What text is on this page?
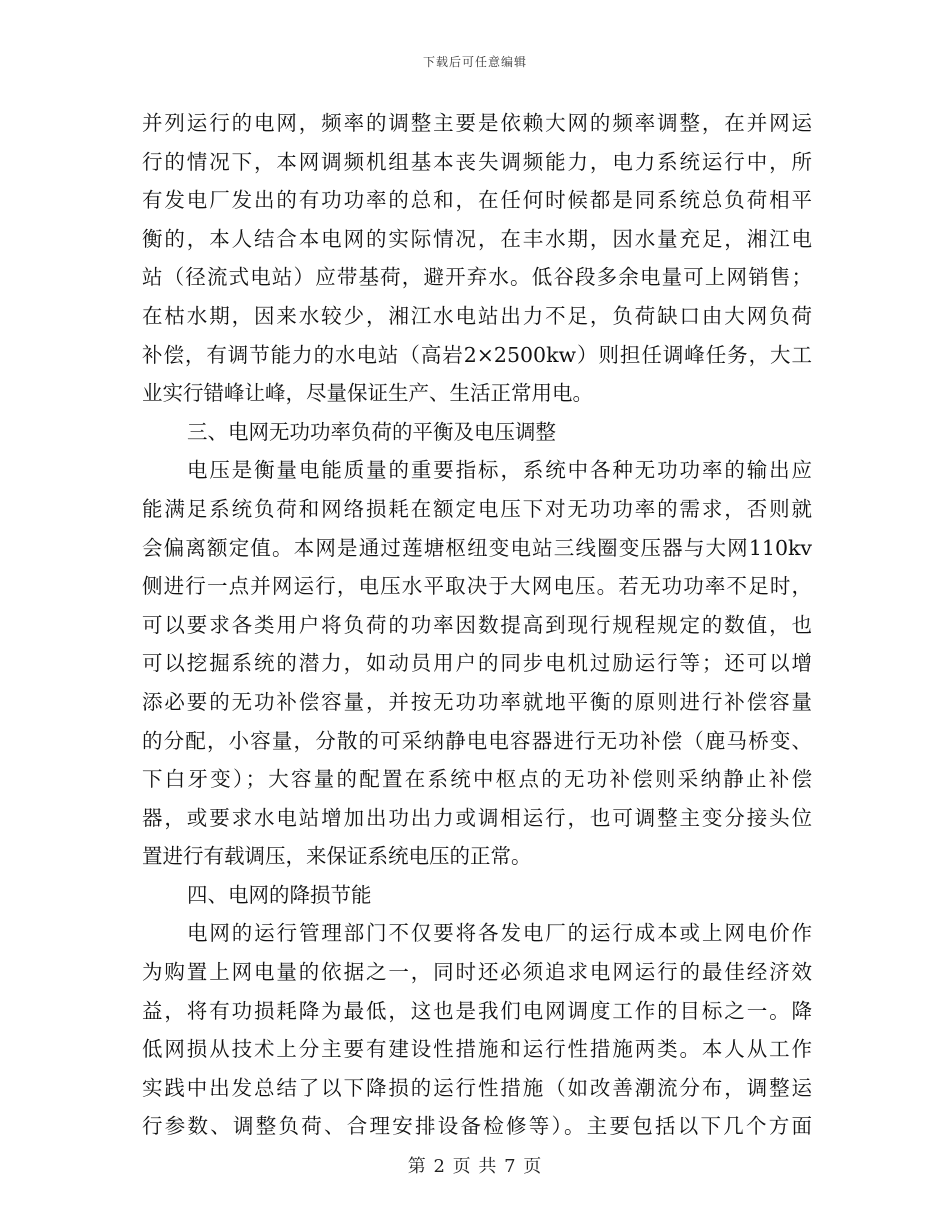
下载后可任意编辑
并列运行的电网，频率的调整主要是依赖大网的频率调整，在并网运
行的情况下，本网调频机组基本丧失调频能力，电力系统运行中，所
有发电厂发出的有功功率的总和，在任何时候都是同系统总负荷相平
衡的，本人结合本电网的实际情况，在丰水期，因水量充足，湘江电
站（径流式电站）应带基荷，避开弃水。低谷段多余电量可上网销售；
在枯水期，因来水较少，湘江水电站出力不足，负荷缺口由大网负荷
补偿，有调节能力的水电站（高岩2×2500kw）则担任调峰任务，大工
业实行错峰让峰，尽量保证生产、生活正常用电。
三、电网无功功率负荷的平衡及电压调整
电压是衡量电能质量的重要指标，系统中各种无功功率的输出应
能满足系统负荷和网络损耗在额定电压下对无功功率的需求，否则就
会偏离额定值。本网是通过莲塘枢纽变电站三线圈变压器与大网110kv
侧进行一点并网运行，电压水平取决于大网电压。若无功功率不足时，
可以要求各类用户将负荷的功率因数提高到现行规程规定的数值，也
可以挖掘系统的潜力，如动员用户的同步电机过励运行等；还可以增
添必要的无功补偿容量，并按无功功率就地平衡的原则进行补偿容量
的分配，小容量，分散的可采纳静电电容器进行无功补偿（鹿马桥变、
下白牙变）；大容量的配置在系统中枢点的无功补偿则采纳静止补偿
器，或要求水电站增加出功出力或调相运行，也可调整主变分接头位
置进行有载调压，来保证系统电压的正常。
四、电网的降损节能
电网的运行管理部门不仅要将各发电厂的运行成本或上网电价作
为购置上网电量的依据之一，同时还必须追求电网运行的最佳经济效
益，将有功损耗降为最低，这也是我们电网调度工作的目标之一。降
低网损从技术上分主要有建设性措施和运行性措施两类。本人从工作
实践中出发总结了以下降损的运行性措施（如改善潮流分布，调整运
行参数、调整负荷、合理安排设备检修等）。主要包括以下几个方面
第 2 页 共 7 页
